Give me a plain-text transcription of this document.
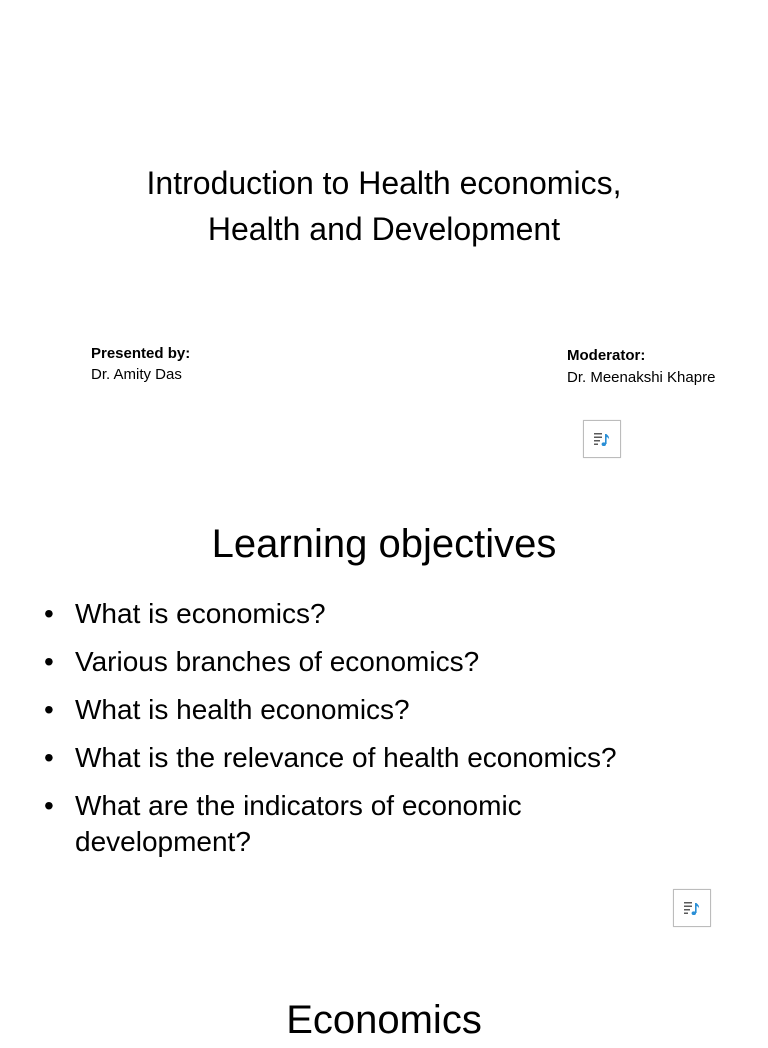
Introduction to Health economics,
Health and Development
Presented by:
Dr. Amity Das
Moderator:
Dr. Meenakshi Khapre
Learning objectives
• What is economics?
• Various branches of economics?
• What is health economics?
• What is the relevance of health economics?
• What are the indicators of economic development?
Economics
